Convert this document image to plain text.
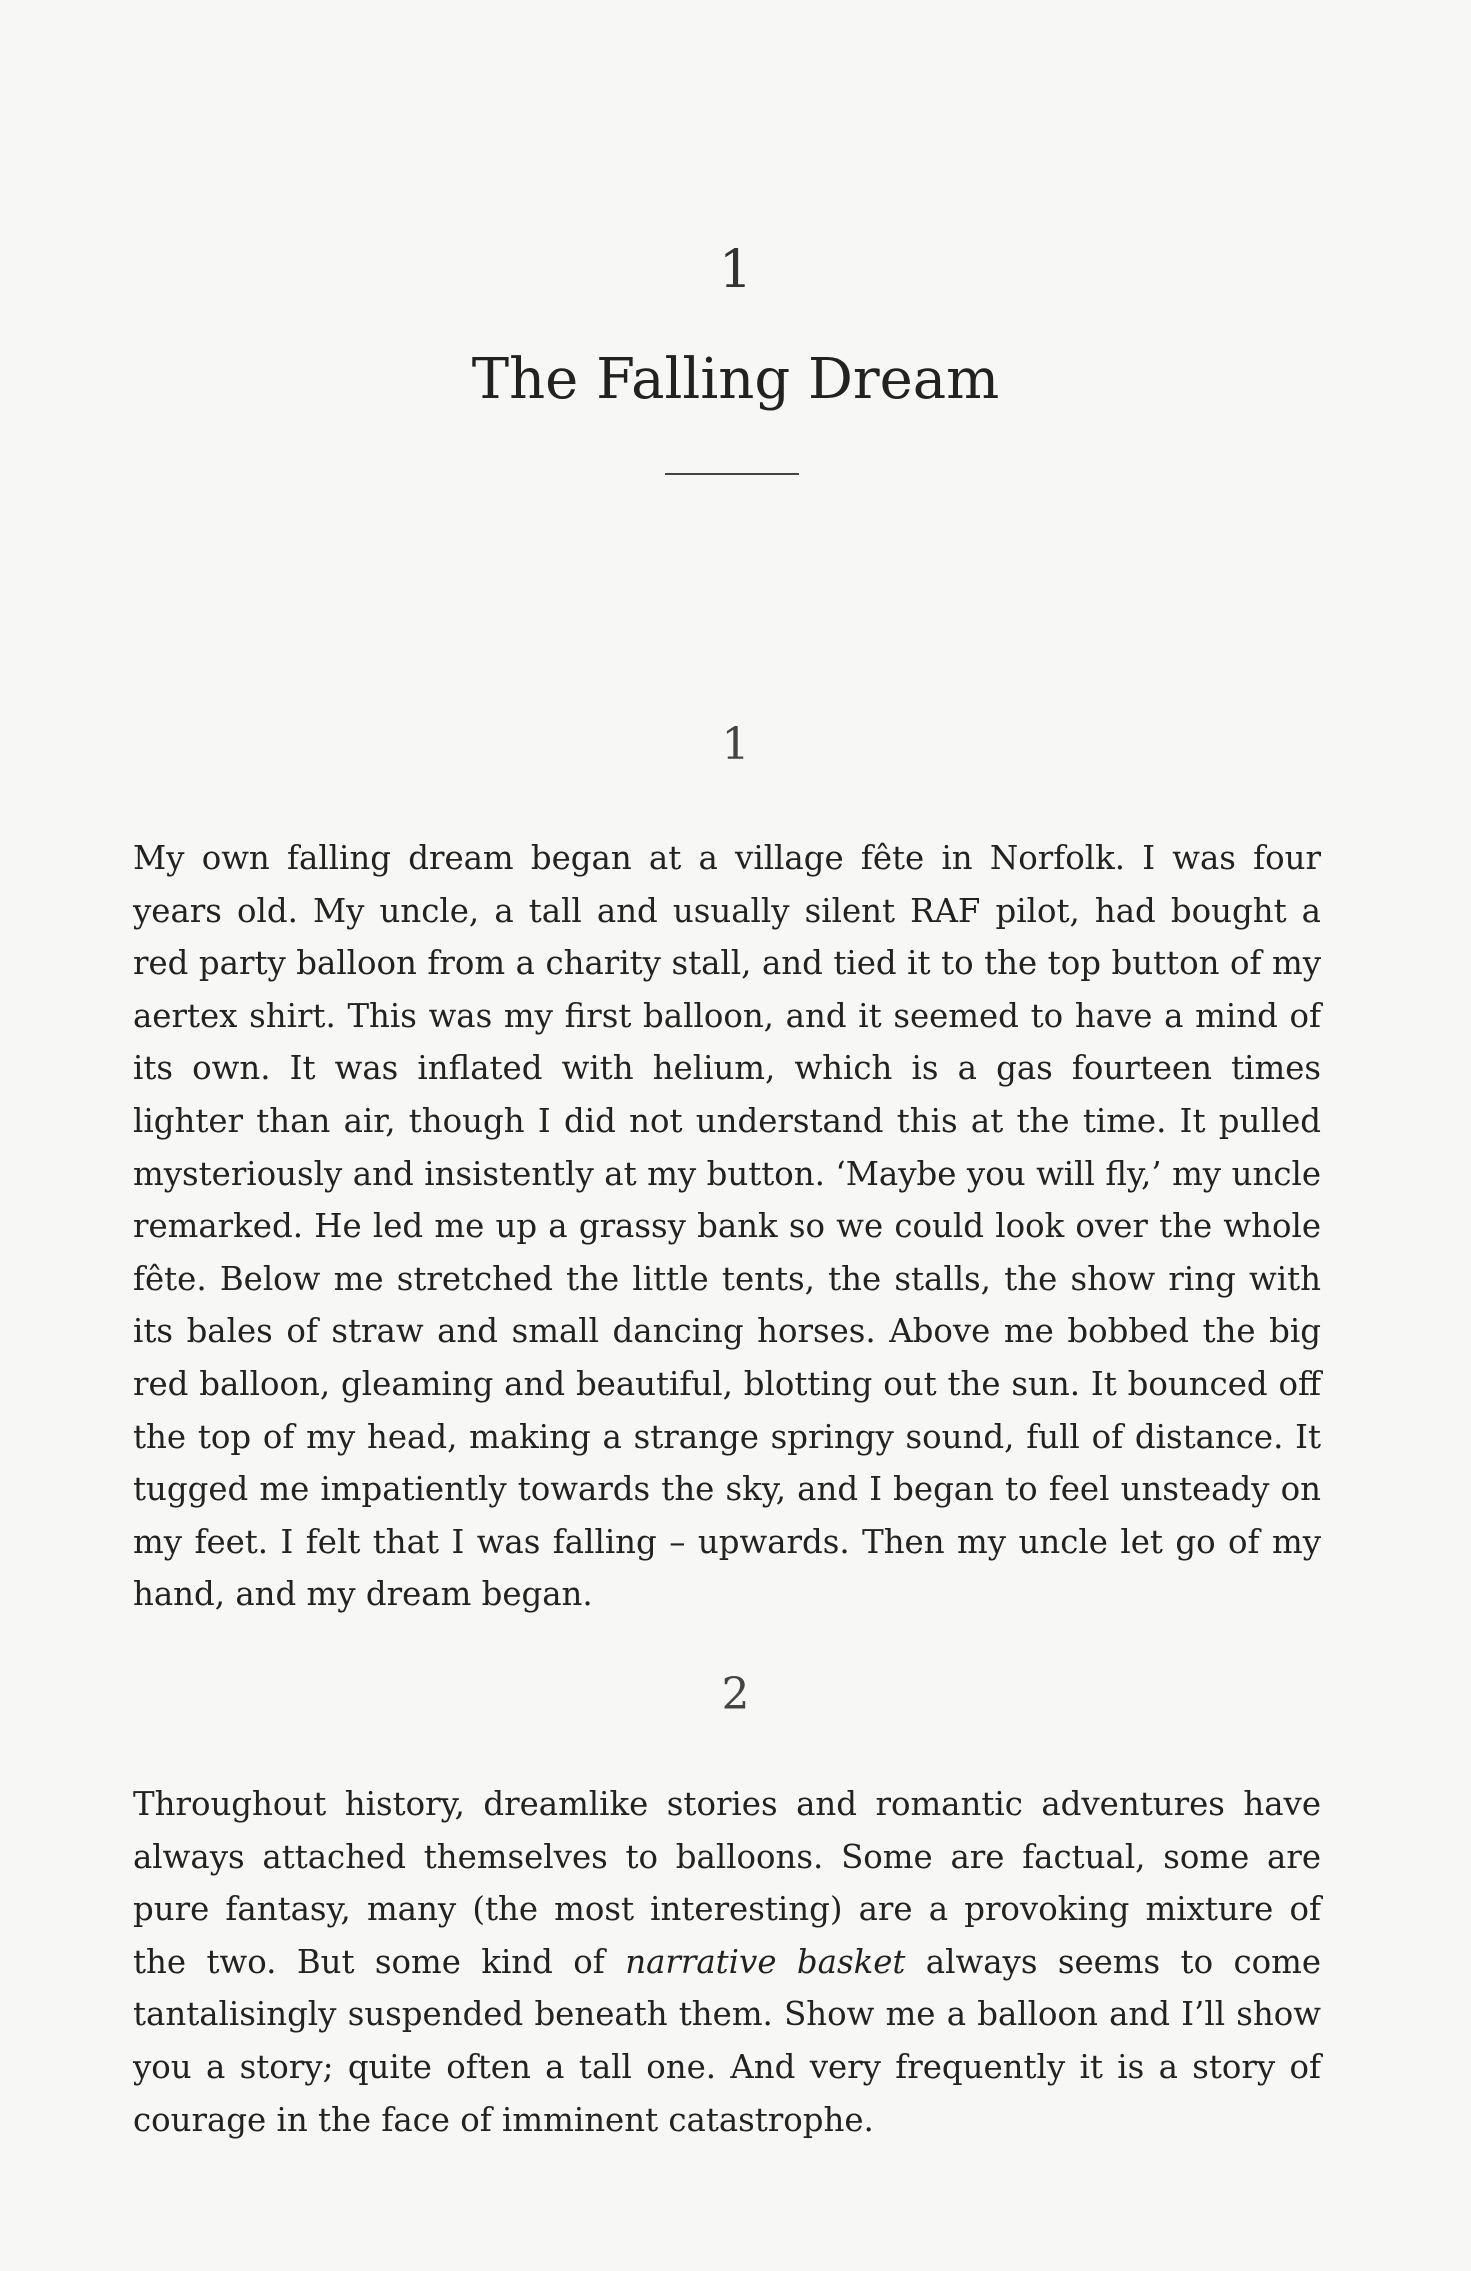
1
The Falling Dream
1

My own falling dream began at a village fête in Norfolk. I was four years old. My uncle, a tall and usually silent RAF pilot, had bought a red party balloon from a charity stall, and tied it to the top button of my aertex shirt. This was my first balloon, and it seemed to have a mind of its own. It was inflated with helium, which is a gas fourteen times lighter than air, though I did not understand this at the time. It pulled mysteriously and insistently at my button. ‘Maybe you will fly,’ my uncle remarked. He led me up a grassy bank so we could look over the whole fête. Below me stretched the little tents, the stalls, the show ring with its bales of straw and small dancing horses. Above me bobbed the big red balloon, gleaming and beautiful, blotting out the sun. It bounced off the top of my head, making a strange springy sound, full of distance. It tugged me impatiently towards the sky, and I began to feel unsteady on my feet. I felt that I was falling – upwards. Then my uncle let go of my hand, and my dream began.

2

Throughout history, dreamlike stories and romantic adventures have always attached themselves to balloons. Some are factual, some are pure fantasy, many (the most interesting) are a provoking mixture of the two. But some kind of narrative basket always seems to come tantalisingly suspended beneath them. Show me a balloon and I’ll show you a story; quite often a tall one. And very frequently it is a story of courage in the face of imminent catastrophe.
